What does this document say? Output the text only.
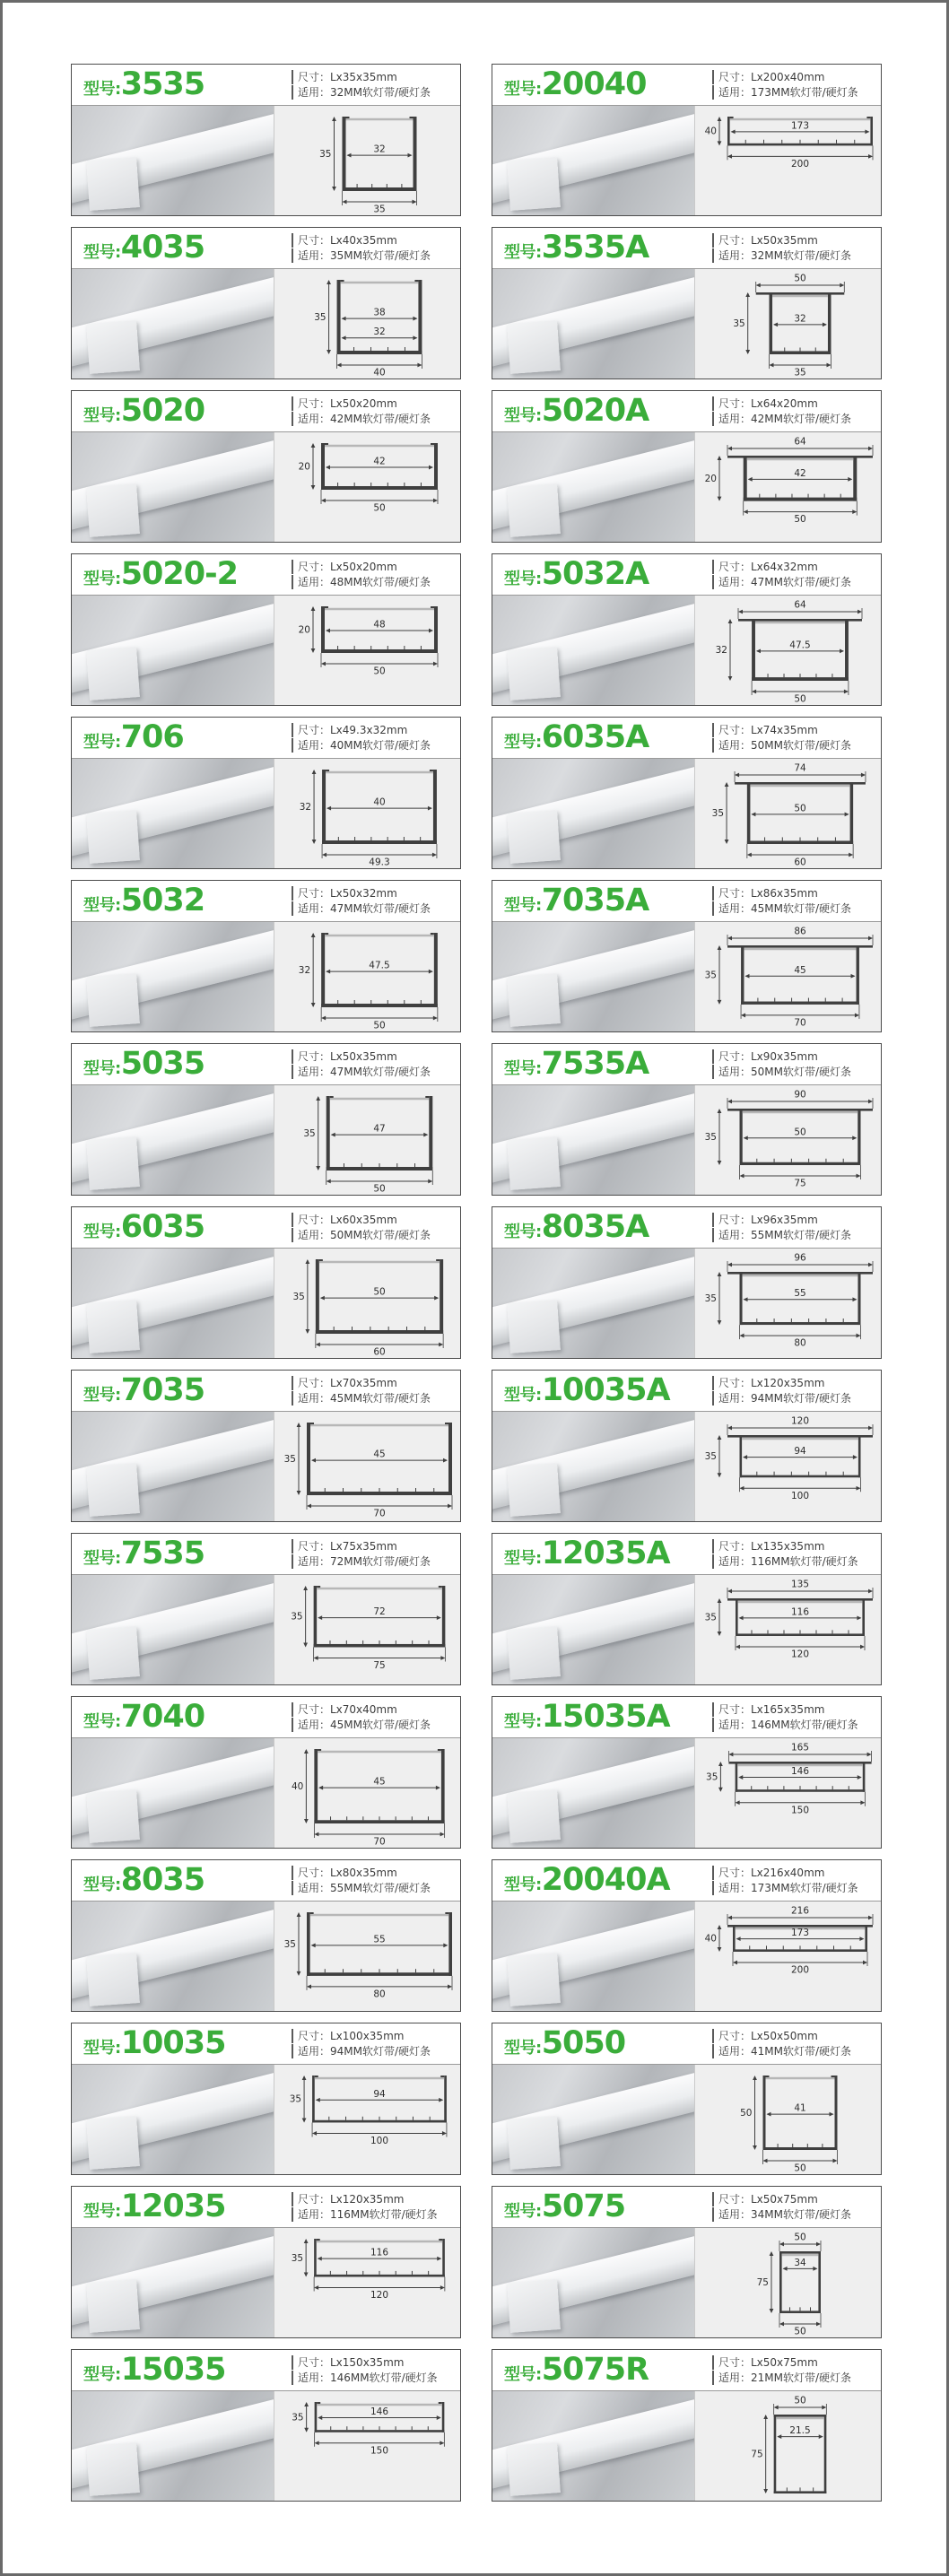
型号: 3535	尺寸：Lx35x35mm
适用：32MM软灯带/硬灯条
32
35
35
型号: 20040	尺寸：Lx200x40mm
适用：173MM软灯带/硬灯条
173
40
200
型号: 4035	尺寸：Lx40x35mm
适用：35MM软灯带/硬灯条
38
32
35
40
型号: 3535A	尺寸：Lx50x35mm
适用：32MM软灯带/硬灯条
50
32
35
35
型号: 5020	尺寸：Lx50x20mm
适用：42MM软灯带/硬灯条
42
20
50
型号: 5020A	尺寸：Lx64x20mm
适用：42MM软灯带/硬灯条
64
42
20
50
型号: 5020-2	尺寸：Lx50x20mm
适用：48MM软灯带/硬灯条
48
20
50
型号: 5032A	尺寸：Lx64x32mm
适用：47MM软灯带/硬灯条
64
47.5
32
50
型号: 706	尺寸：Lx49.3x32mm
适用：40MM软灯带/硬灯条
40
32
49.3
型号: 6035A	尺寸：Lx74x35mm
适用：50MM软灯带/硬灯条
74
50
35
60
型号: 5032	尺寸：Lx50x32mm
适用：47MM软灯带/硬灯条
47.5
32
50
型号: 7035A	尺寸：Lx86x35mm
适用：45MM软灯带/硬灯条
86
45
35
70
型号: 5035	尺寸：Lx50x35mm
适用：47MM软灯带/硬灯条
47
35
50
型号: 7535A	尺寸：Lx90x35mm
适用：50MM软灯带/硬灯条
90
50
35
75
型号: 6035	尺寸：Lx60x35mm
适用：50MM软灯带/硬灯条
50
35
60
型号: 8035A	尺寸：Lx96x35mm
适用：55MM软灯带/硬灯条
96
55
35
80
型号: 7035	尺寸：Lx70x35mm
适用：45MM软灯带/硬灯条
45
35
70
型号: 10035A	尺寸：Lx120x35mm
适用：94MM软灯带/硬灯条
120
94
35
100
型号: 7535	尺寸：Lx75x35mm
适用：72MM软灯带/硬灯条
72
35
75
型号: 12035A	尺寸：Lx135x35mm
适用：116MM软灯带/硬灯条
135
116
35
120
型号: 7040	尺寸：Lx70x40mm
适用：45MM软灯带/硬灯条
45
40
70
型号: 15035A	尺寸：Lx165x35mm
适用：146MM软灯带/硬灯条
165
146
35
150
型号: 8035	尺寸：Lx80x35mm
适用：55MM软灯带/硬灯条
55
35
80
型号: 20040A	尺寸：Lx216x40mm
适用：173MM软灯带/硬灯条
216
173
40
200
型号: 10035	尺寸：Lx100x35mm
适用：94MM软灯带/硬灯条
94
35
100
型号: 5050	尺寸：Lx50x50mm
适用：41MM软灯带/硬灯条
41
50
50
型号: 12035	尺寸：Lx120x35mm
适用：116MM软灯带/硬灯条
116
35
120
型号: 5075	尺寸：Lx50x75mm
适用：34MM软灯带/硬灯条
50
34
75
50
型号: 15035	尺寸：Lx150x35mm
适用：146MM软灯带/硬灯条
146
35
150
型号: 5075R	尺寸：Lx50x75mm
适用：21MM软灯带/硬灯条
50
21.5
75
